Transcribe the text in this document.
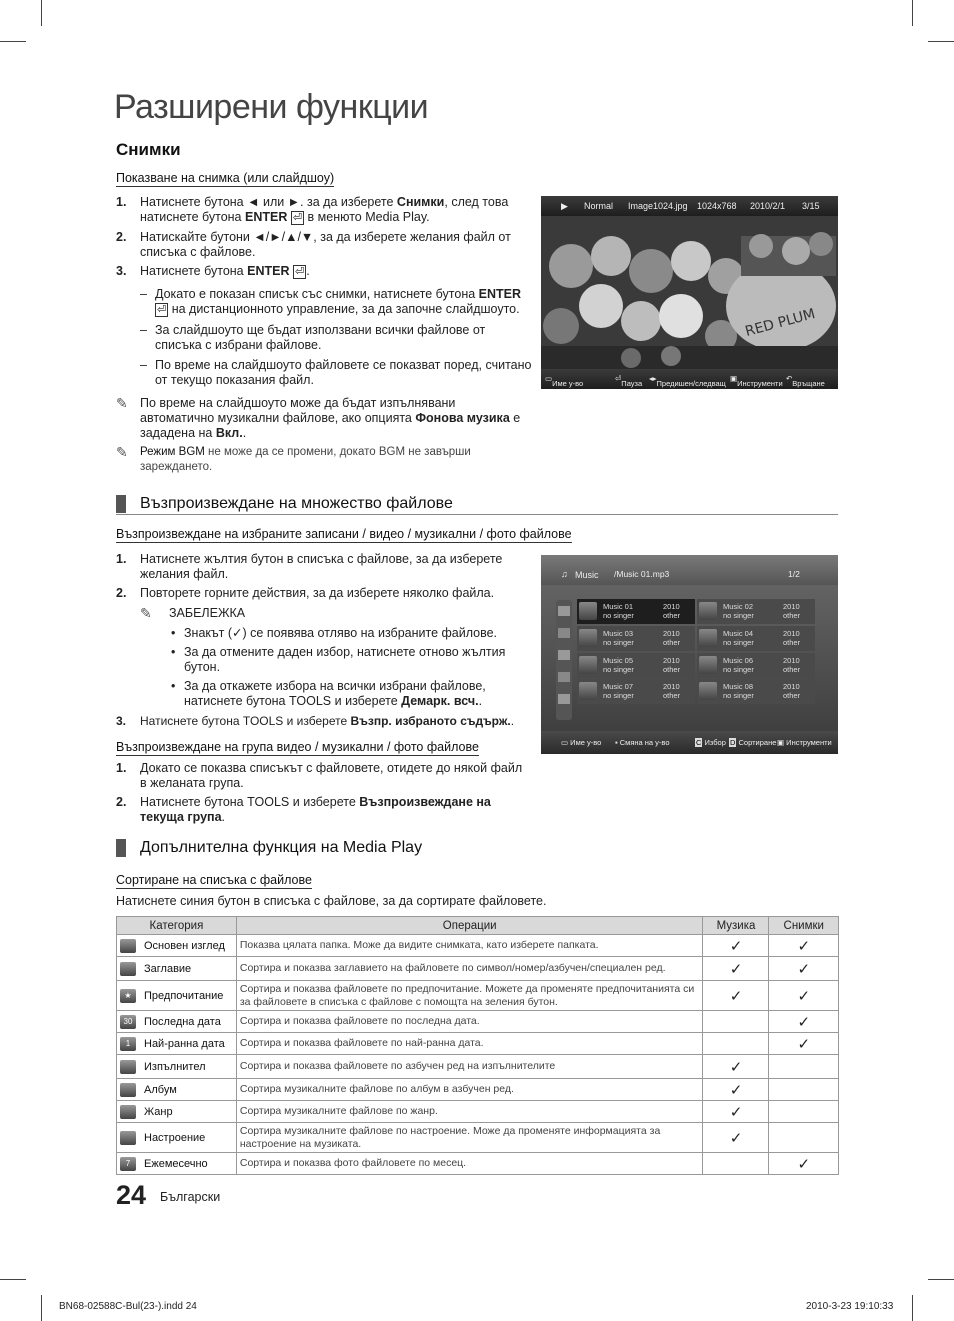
Разширени функции
Снимки
Показване на снимка (или слайдшоу)
1. Натиснете бутона ◄ или ►. за да изберете Снимки, след това натиснете бутона ENTER ⏎ в менюто Media Play.
2. Натискайте бутони ◄/►/▲/▼, за да изберете желания файл от списъка с файлове.
3. Натиснете бутона ENTER ⏎ .
– Докато е показан списък със снимки, натиснете бутона ENTER ⏎ на дистанционното управление, за да започне слайдшоуто.
– За слайдшоуто ще бъдат използвани всички файлове от списъка с избрани файлове.
– По време на слайдшоуто файловете се показват поред, считано от текущо показания файл.
✎ По време на слайдшоуто може да бъдат изпълнявани автоматично музикални файлове, ако опцията Фонова музика е зададена на Вкл..
✎ Режим BGM не може да се промени, докато BGM не завърши зареждането.
RED PLUM
▶ Normal Image1024.jpg 1024x768 2010/2/1 3/15
▭
Име у-во
⏎
Пауза
◂▸
Предишен/следващ
▣
Инструменти
↶
Връщане
Възпроизвеждане на множество файлове
Възпроизвеждане на избраните записани / видео / музикални / фото файлове
1. Натиснете жълтия бутон в списъка с файлове, за да изберете желания файл.
2. Повторете горните действия, за да изберете няколко файла.
✎ ЗАБЕЛЕЖКА
• Знакът (✓) се появява отляво на избраните файлове.
• За да отмените даден избор, натиснете отново жълтия бутон.
• За да откажете избора на всички избрани файлове, натиснете бутона TOOLS и изберете Демарк. всч..
3. Натиснете бутона TOOLS и изберете Възпр. избраното съдърж..
Възпроизвеждане на група видео / музикални / фото файлове
1. Докато се показва списъкът с файловете, отидете до някой файл в желаната група.
2. Натиснете бутона TOOLS и изберете Възпроизвеждане на текуща група.
♫ Music /Music 01.mp3	1/2
Music 01
no singer
2010
other
Music 02
no singer
2010
other
Music 03
no singer
2010
other
Music 04
no singer
2010
other
Music 05
no singer
2010
other
Music 06
no singer
2010
other
Music 07
no singer
2010
other
Music 08
no singer
2010
other
▭ Име у-во ▪ Смяна на у-во	C Избор D Сортиране ▣ Инструменти
Допълнителна функция на Media Play
Сортиране на списъка с файлове
Натиснете синия бутон в списъка с файлове, за да сортирате файловете.
Категория	Операции	Музика	Снимки
Основен изглед	Показва цялата папка. Може да видите снимката, като изберете папката.	✓	✓
Заглавие	Сортира и показва заглавието на файловете по символ/номер/азбучен/специален ред.	✓	✓
★ Предпочитание	Сортира и показва файловете по предпочитание. Можете да променяте предпочитанията си за файловете в списъка с файлове с помощта на зеления бутон.	✓	✓
30 Последна дата	Сортира и показва файловете по последна дата.		✓
1 Най-ранна дата	Сортира и показва файловете по най-ранна дата.		✓
Изпълнител	Сортира и показва файловете по азбучен ред на изпълнителите	✓	
Албум	Сортира музикалните файлове по албум в азбучен ред.	✓	
Жанр	Сортира музикалните файлове по жанр.	✓	
Настроение	Сортира музикалните файлове по настроение. Може да променяте информацията за настроение на музиката.	✓	
7 Ежемесечно	Сортира и показва фото файловете по месец.		✓
24 Български
BN68-02588C-Bul(23-).indd 24	2010-3-23 19:10:33
